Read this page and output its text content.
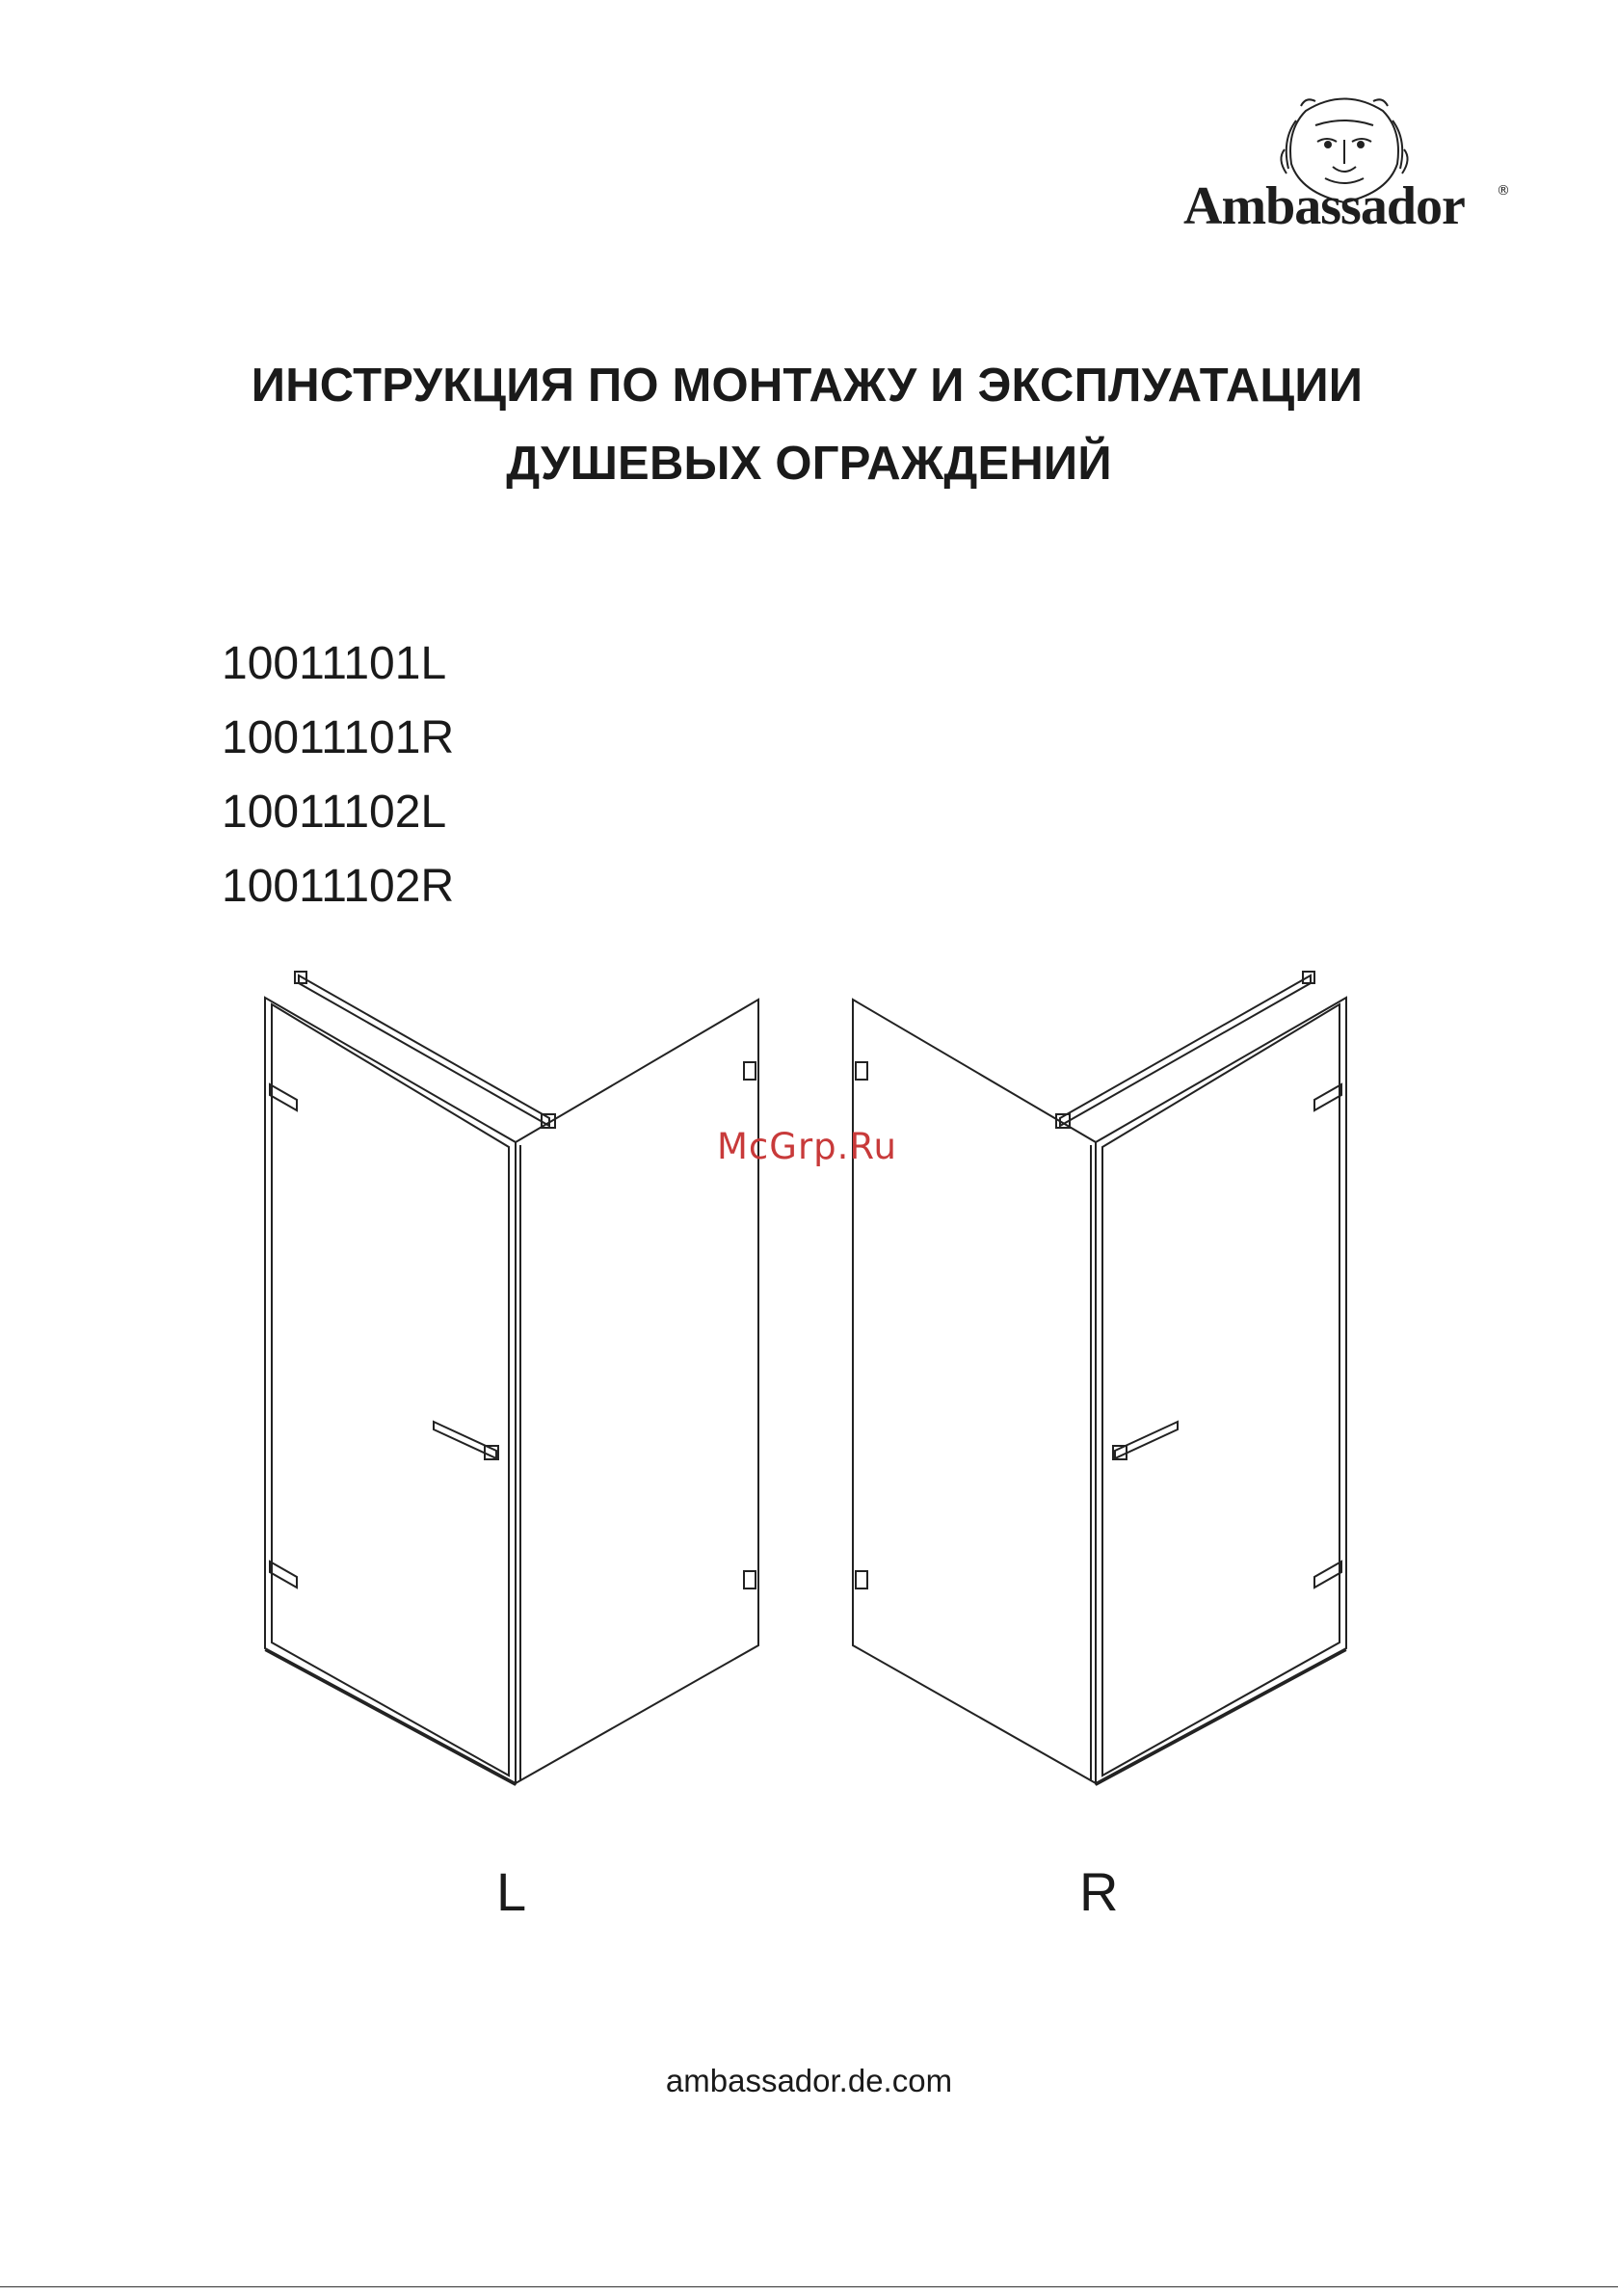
Ambassador ®
ИНСТРУКЦИЯ ПО МОНТАЖУ И ЭКСПЛУАТАЦИИ
ДУШЕВЫХ ОГРАЖДЕНИЙ
10011101L
10011101R
10011102L
10011102R
McGrp.Ru
L	R
ambassador.de.com
